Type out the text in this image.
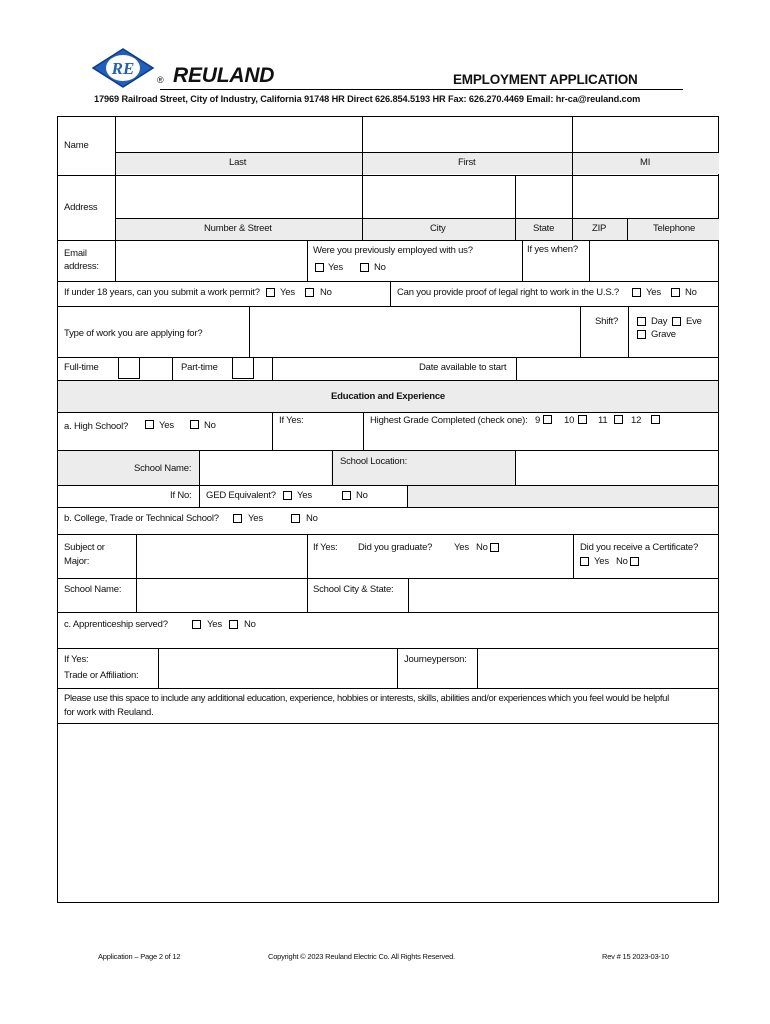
RE
® REULAND	EMPLOYMENT APPLICATION
17969 Railroad Street, City of Industry, California 91748 HR Direct 626.854.5193 HR Fax: 626.270.4469 Email: hr-ca@reuland.com
Name
Last	First	MI
Address
Number & Street	City	State	ZIP	Telephone
Email
address:
Were you previously employed with us?
Yes	No
If yes when?
If under 18 years, can you submit a work permit? Yes	No	Can you provide proof of legal right to work in the U.S.?	Yes	No
Type of work you are applying for?
Shift?	Day Eve
Grave
Full-time	Part-time	Date available to start
Education and Experience
a. High School?	Yes	No	If Yes:	Highest Grade Completed (check one): 9	10	11 12
School Name:
School Location:
If No: GED Equivalent? Yes	No
b. College, Trade or Technical School?	Yes	No
Subject or
Major:
If Yes: Did you graduate? Yes No	Did you receive a Certificate?
Yes No
School Name:	School City & State:
c. Apprenticeship served?	Yes No
If Yes:
Trade or Affiliation:
Journeyperson:
Please use this space to include any additional education, experience, hobbies or interests, skills, abilities and/or experiences which you feel would be helpful
for work with Reuland.
Application – Page 2 of 12	Copyright © 2023 Reuland Electric Co. All Rights Reserved.	Rev # 15 2023-03-10
